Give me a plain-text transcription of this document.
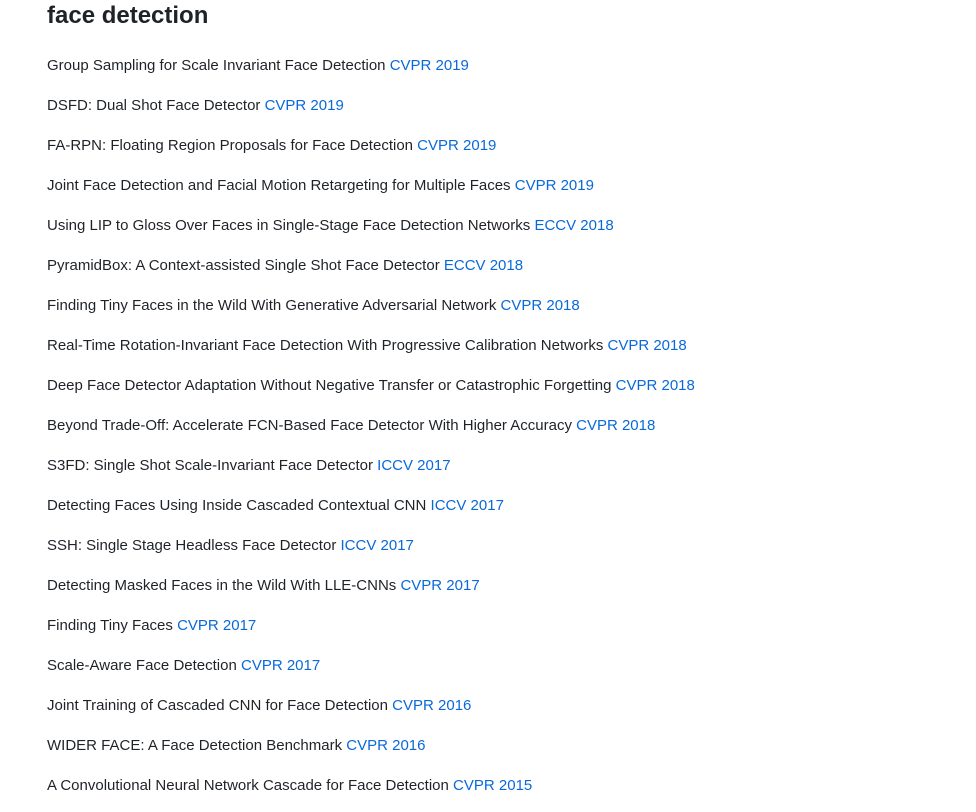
face detection
Group Sampling for Scale Invariant Face Detection CVPR 2019
DSFD: Dual Shot Face Detector CVPR 2019
FA-RPN: Floating Region Proposals for Face Detection CVPR 2019
Joint Face Detection and Facial Motion Retargeting for Multiple Faces CVPR 2019
Using LIP to Gloss Over Faces in Single-Stage Face Detection Networks ECCV 2018
PyramidBox: A Context-assisted Single Shot Face Detector ECCV 2018
Finding Tiny Faces in the Wild With Generative Adversarial Network CVPR 2018
Real-Time Rotation-Invariant Face Detection With Progressive Calibration Networks CVPR 2018
Deep Face Detector Adaptation Without Negative Transfer or Catastrophic Forgetting CVPR 2018
Beyond Trade-Off: Accelerate FCN-Based Face Detector With Higher Accuracy CVPR 2018
S3FD: Single Shot Scale-Invariant Face Detector ICCV 2017
Detecting Faces Using Inside Cascaded Contextual CNN ICCV 2017
SSH: Single Stage Headless Face Detector ICCV 2017
Detecting Masked Faces in the Wild With LLE-CNNs CVPR 2017
Finding Tiny Faces CVPR 2017
Scale-Aware Face Detection CVPR 2017
Joint Training of Cascaded CNN for Face Detection CVPR 2016
WIDER FACE: A Face Detection Benchmark CVPR 2016
A Convolutional Neural Network Cascade for Face Detection CVPR 2015
